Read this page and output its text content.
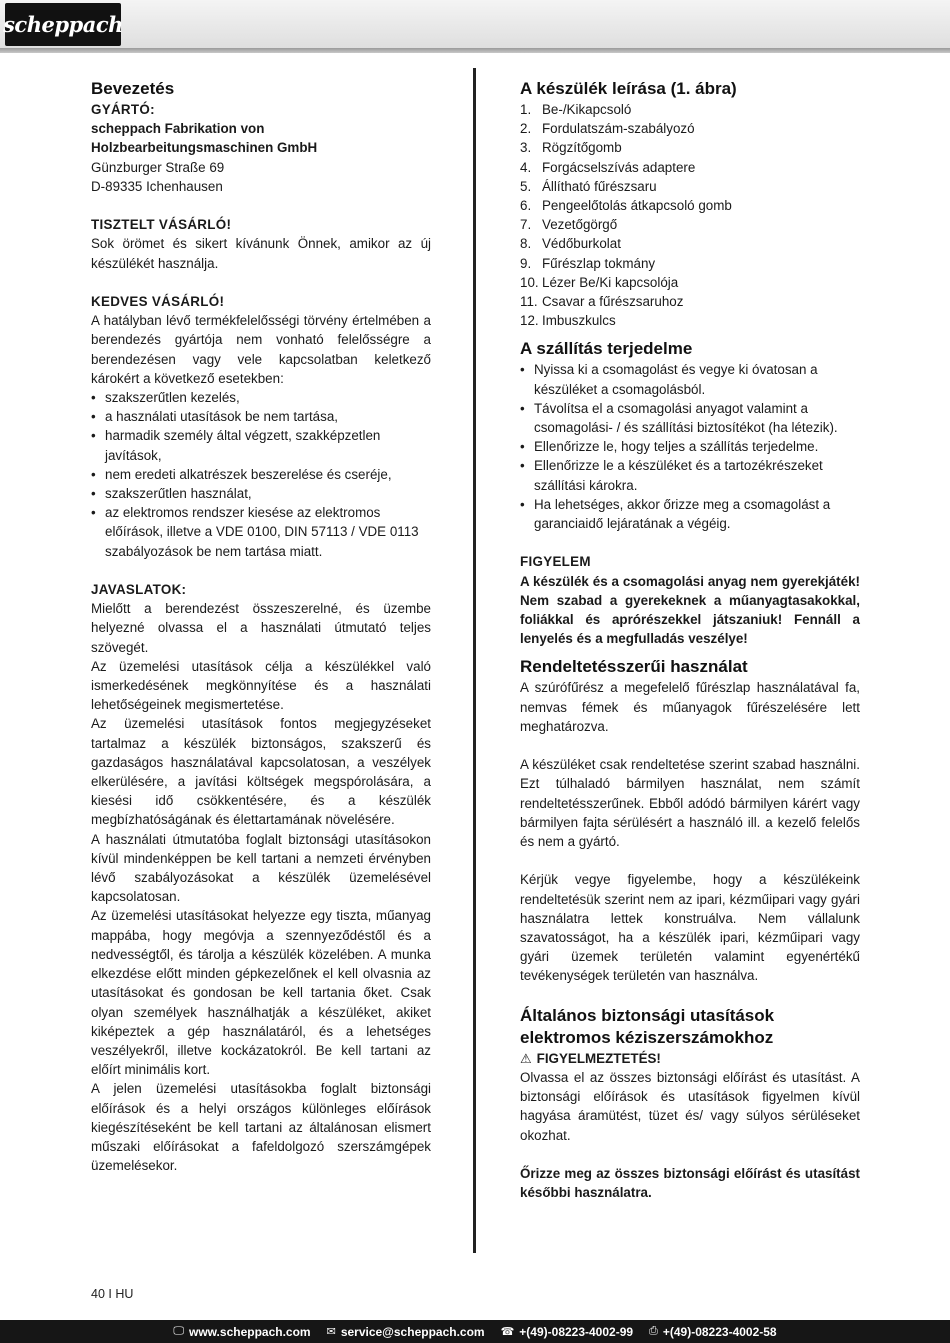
scheppach
Bevezetés

GYÁRTÓ:

scheppach Fabrikation von

Holzbearbeitungsmaschinen GmbH

Günzburger Straße 69

D-89335 Ichenhausen

TISZTELT VÁSÁRLÓ!

Sok örömet és sikert kívánunk Önnek, amikor az új készülékét használja.

KEDVES VÁSÁRLÓ!

A hatályban lévő termékfelelősségi törvény értelmében a berendezés gyártója nem vonható felelősségre a berendezésen vagy vele kapcsolatban keletkező károkért a következő esetekben:

• szakszerűtlen kezelés,
• a használati utasítások be nem tartása,
• harmadik személy által végzett, szakképzetlen javítások,
• nem eredeti alkatrészek beszerelése és cseréje,
• szakszerűtlen használat,
• az elektromos rendszer kiesése az elektromos előírások, illetve a VDE 0100, DIN 57113 / VDE 0113 szabályozások be nem tartása miatt.

JAVASLATOK:

Mielőtt a berendezést összeszerelné, és üzembe helyezné olvassa el a használati útmutató teljes szövegét.

Az üzemelési utasítások célja a készülékkel való ismerkedésének megkönnyítése és a használati lehetőségeinek megismertetése.

Az üzemelési utasítások fontos megjegyzéseket tartalmaz a készülék biztonságos, szakszerű és gazdaságos használatával kapcsolatosan, a veszélyek elkerülésére, a javítási költségek megspórolására, a kiesési idő csökkentésére, és a készülék megbízhatóságának és élettartamának növelésére.

A használati útmutatóba foglalt biztonsági utasításokon kívül mindenképpen be kell tartani a nemzeti érvényben lévő szabályozásokat a készülék üzemelésével kapcsolatosan.

Az üzemelési utasításokat helyezze egy tiszta, műanyag mappába, hogy megóvja a szennyeződéstől és a nedvességtől, és tárolja a készülék közelében. A munka elkezdése előtt minden gépkezelőnek el kell olvasnia az utasításokat és gondosan be kell tartania őket. Csak olyan személyek használhatják a készüléket, akiket kiképeztek a gép használatáról, és a lehetséges veszélyekről, illetve kockázatokról. Be kell tartani az előírt minimális kort.

A jelen üzemelési utasításokba foglalt biztonsági előírások és a helyi országos különleges előírások kiegészítéseként be kell tartani az általánosan elismert műszaki előírásokat a fafeldolgozó szerszámgépek üzemelésekor.

A készülék leírása (1. ábra)
1. Be-/Kikapcsoló
2. Fordulatszám-szabályozó
3. Rögzítőgomb
4. Forgácselszívás adaptere
5. Állítható fűrészsaru
6. Pengeelőtolás átkapcsoló gomb
7. Vezetőgörgő
8. Védőburkolat
9. Fűrészlap tokmány
10. Lézer Be/Ki kapcsolója
11. Csavar a fűrészsaruhoz
12. Imbuszkulcs
A szállítás terjedelme
• Nyissa ki a csomagolást és vegye ki óvatosan a készüléket a csomagolásból.
• Távolítsa el a csomagolási anyagot valamint a csomagolási- / és szállítási biztosítékot (ha létezik).
• Ellenőrizze le, hogy teljes a szállítás terjedelme.
• Ellenőrizze le a készüléket és a tartozékrészeket szállítási károkra.
• Ha lehetséges, akkor őrizze meg a csomagolást a garanciaidő lejáratának a végéig.

FIGYELEM

A készülék és a csomagolási anyag nem gyerekjáték! Nem szabad a gyerekeknek a műanyagtasakokkal, foliákkal és aprórészekkel játszaniuk! Fennáll a lenyelés és a megfulladás veszélye!

Rendeltetésszerűi használat

A szúrófűrész a megefelelő fűrészlap használatával fa, nemvas fémek és műanyagok fűrészelésére lett meghatározva.

A készüléket csak rendeltetése szerint szabad használni. Ezt túlhaladó bármilyen használat, nem számít rendeltetésszerűnek. Ebből adódó bármilyen kárért vagy bármilyen fajta sérülésért a használó ill. a kezelő felelős és nem a gyártó.

Kérjük vegye figyelembe, hogy a készülékeink rendeltetésük szerint nem az ipari, kézműipari vagy gyári használatra lettek konstruálva. Nem vállalunk szavatosságot, ha a készülék ipari, kézműipari vagy gyári üzemek területén valamint egyenértékű tevékenységek területén van használva.

Általános biztonsági utasítások elektromos kéziszerszámokhoz
⚠ FIGYELMEZTETÉS!

Olvassa el az összes biztonsági előírást és utasítást. A biztonsági előírások és utasítások figyelmen kívül hagyása áramütést, tüzet és/ vagy súlyos sérüléseket okozhat.

Őrizze meg az összes biztonsági előírást és utasítást későbbi használatra.

40 I HU
🖵 www.scheppach.com ✉ service@scheppach.com ☎ +(49)-08223-4002-99 ⎙ +(49)-08223-4002-58
